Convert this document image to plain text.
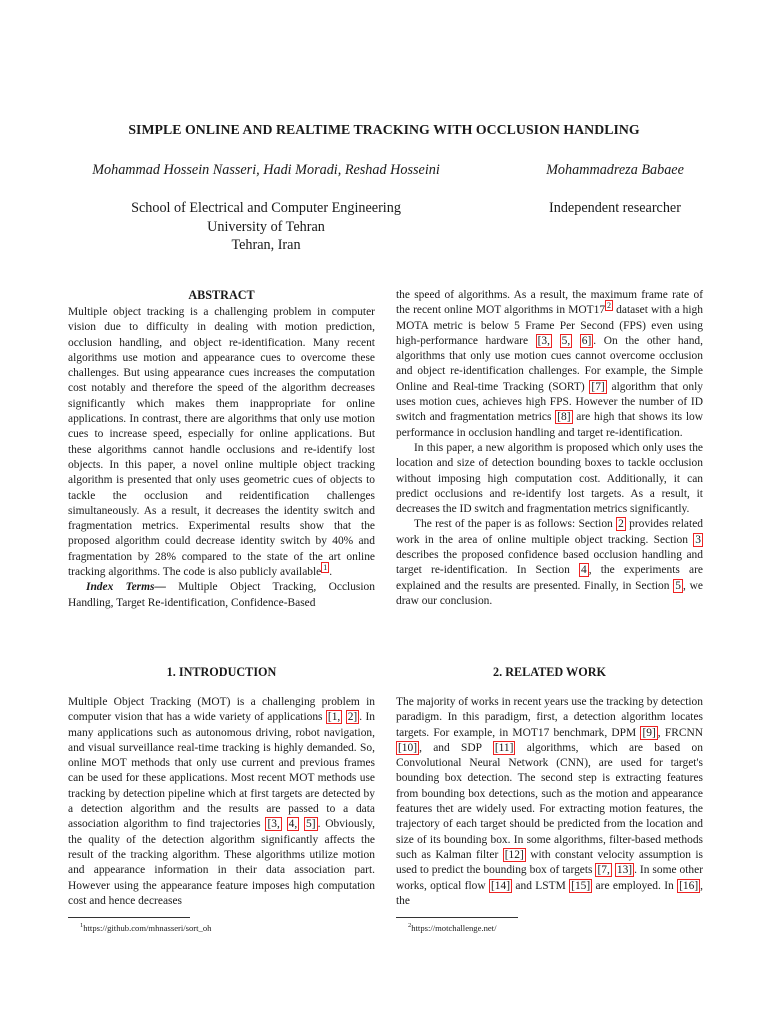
SIMPLE ONLINE AND REALTIME TRACKING WITH OCCLUSION HANDLING
Mohammad Hossein Nasseri, Hadi Moradi, Reshad Hosseini	Mohammadreza Babaee
School of Electrical and Computer Engineering
University of Tehran
Tehran, Iran
Independent researcher
ABSTRACT

Multiple object tracking is a challenging problem in computer vision due to difficulty in dealing with motion prediction, occlusion handling, and object re-identification. Many recent algorithms use motion and appearance cues to overcome these challenges. But using appearance cues increases the computation cost notably and therefore the speed of the algorithm decreases significantly which makes them inappropriate for online applications. In contrast, there are algorithms that only use motion cues to increase speed, especially for online applications. But these algorithms cannot handle occlusions and re-identify lost objects. In this paper, a novel online multiple object tracking algorithm is presented that only uses geometric cues of objects to tackle the occlusion and reidentification challenges simultaneously. As a result, it decreases the identity switch and fragmentation metrics. Experimental results show that the proposed algorithm could decrease identity switch by 40% and fragmentation by 28% compared to the state of the art online tracking algorithms. The code is also publicly available $^1$ .

Index Terms— Multiple Object Tracking, Occlusion Handling, Target Re-identification, Confidence-Based

the speed of algorithms. As a result, the maximum frame rate of the recent online MOT algorithms in MOT17 $^2$ dataset with a high MOTA metric is below 5 Frame Per Second (FPS) even using high-performance hardware [3, 5, 6] . On the other hand, algorithms that only use motion cues cannot overcome occlusion and object re-identification challenges. For example, the Simple Online and Real-time Tracking (SORT) [7] algorithm that only uses motion cues, achieves high FPS. However the number of ID switch and fragmentation metrics [8] are high that shows its low performance in occlusion handling and target re-identification.

In this paper, a new algorithm is proposed which only uses the location and size of detection bounding boxes to tackle occlusion without imposing high computation cost. Additionally, it can predict occlusions and re-identify lost targets. As a result, it decreases the ID switch and fragmentation metrics significantly.

The rest of the paper is as follows: Section 2 provides related work in the area of online multiple object tracking. Section 3 describes the proposed confidence based occlusion handling and target re-identification. In Section 4 , the experiments are explained and the results are presented. Finally, in Section 5 , we draw our conclusion.

1. INTRODUCTION

Multiple Object Tracking (MOT) is a challenging problem in computer vision that has a wide variety of applications [1, 2] . In many applications such as autonomous driving, robot navigation, and visual surveillance real-time tracking is highly demanded. So, online MOT methods that only use current and previous frames can be used for these applications. Most recent MOT methods use tracking by detection pipeline which at first targets are detected by a detection algorithm and the results are passed to a data association algorithm to find trajectories [3, 4, 5] . Obviously, the quality of the detection algorithm significantly affects the result of the tracking algorithm. These algorithms utilize motion and appearance information in their data association part. However using the appearance feature imposes high computation cost and hence decreases

2. RELATED WORK

The majority of works in recent years use the tracking by detection paradigm. In this paradigm, first, a detection algorithm locates targets. For example, in MOT17 benchmark, DPM [9] , FRCNN [10] , and SDP [11] algorithms, which are based on Convolutional Neural Network (CNN), are used for target's bounding box detection. The second step is extracting features from bounding box detections, such as the motion and appearance features thet are widely used. For extracting motion features, the trajectory of each target should be predicted from the location and size of its bounding box. In some algorithms, filter-based methods such as Kalman filter [12] with constant velocity assumption is used to predict the bounding box of targets [7, 13] . In some other works, optical flow [14] and LSTM [15] are employed. In [16] , the

$^1$https://github.com/mhnasseri/sort_oh	$^2$https://motchallenge.net/
